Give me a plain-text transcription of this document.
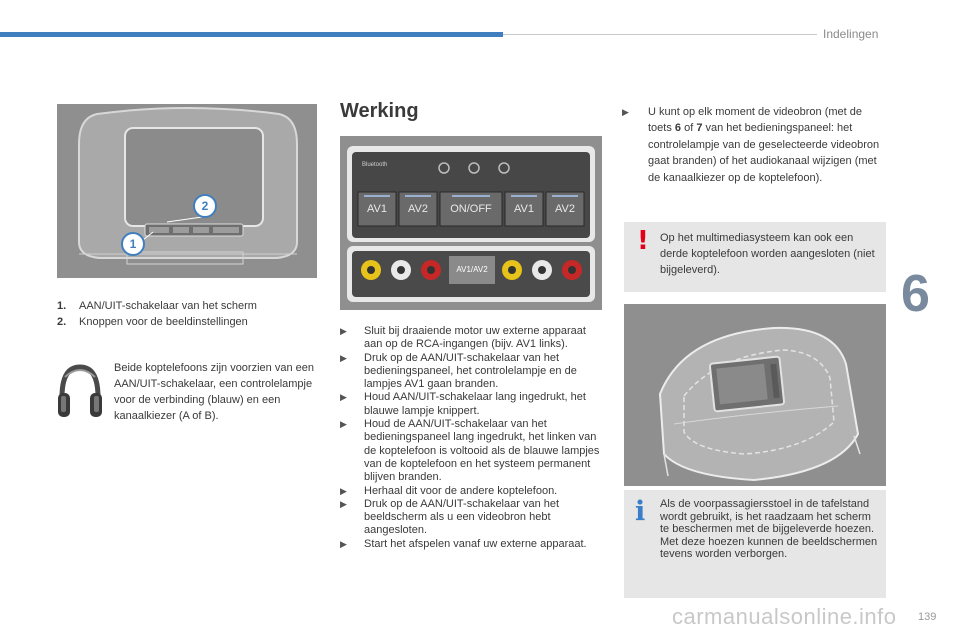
Indelingen
6
2
1
1.	AAN/UIT-schakelaar van het scherm
2.	Knoppen voor de beeldinstellingen
Beide koptelefoons zijn voorzien van een AAN/UIT-schakelaar, een controlelampje voor de verbinding (blauw) en een kanaalkiezer (A of B).
Werking
Bluetooth
AV1	AV2	ON/OFF	AV1	AV2
AV1/AV2

▶ Sluit bij draaiende motor uw externe apparaat aan op de RCA-ingangen (bijv. AV1 links).

▶ Druk op de AAN/UIT-schakelaar van het bedieningspaneel, het controlelampje en de lampjes AV1 gaan branden.

▶ Houd AAN/UIT-schakelaar lang ingedrukt, het blauwe lampje knippert.

▶ Houd de AAN/UIT-schakelaar van het bedieningspaneel lang ingedrukt, het linken van de koptelefoon is voltooid als de blauwe lampjes van de koptelefoon en het systeem permanent blijven branden.

▶ Herhaal dit voor de andere koptelefoon.

▶ Druk op de AAN/UIT-schakelaar van het beeldscherm als u een videobron hebt aangesloten.

▶ Start het afspelen vanaf uw externe apparaat.

▶ U kunt op elk moment de videobron (met de toets 6 of 7 van het bedieningspaneel: het controlelampje van de geselecteerde videobron gaat branden) of het audiokanaal wijzigen (met de kanaalkiezer op de koptelefoon).
! Op het multimediasysteem kan ook een derde koptelefoon worden aangesloten (niet bijgeleverd).
i Als de voorpassagiersstoel in de tafelstand wordt gebruikt, is het raadzaam het scherm te beschermen met de bijgeleverde hoezen. Met deze hoezen kunnen de beeldschermen tevens worden verborgen.
carmanualsonline.info 139
